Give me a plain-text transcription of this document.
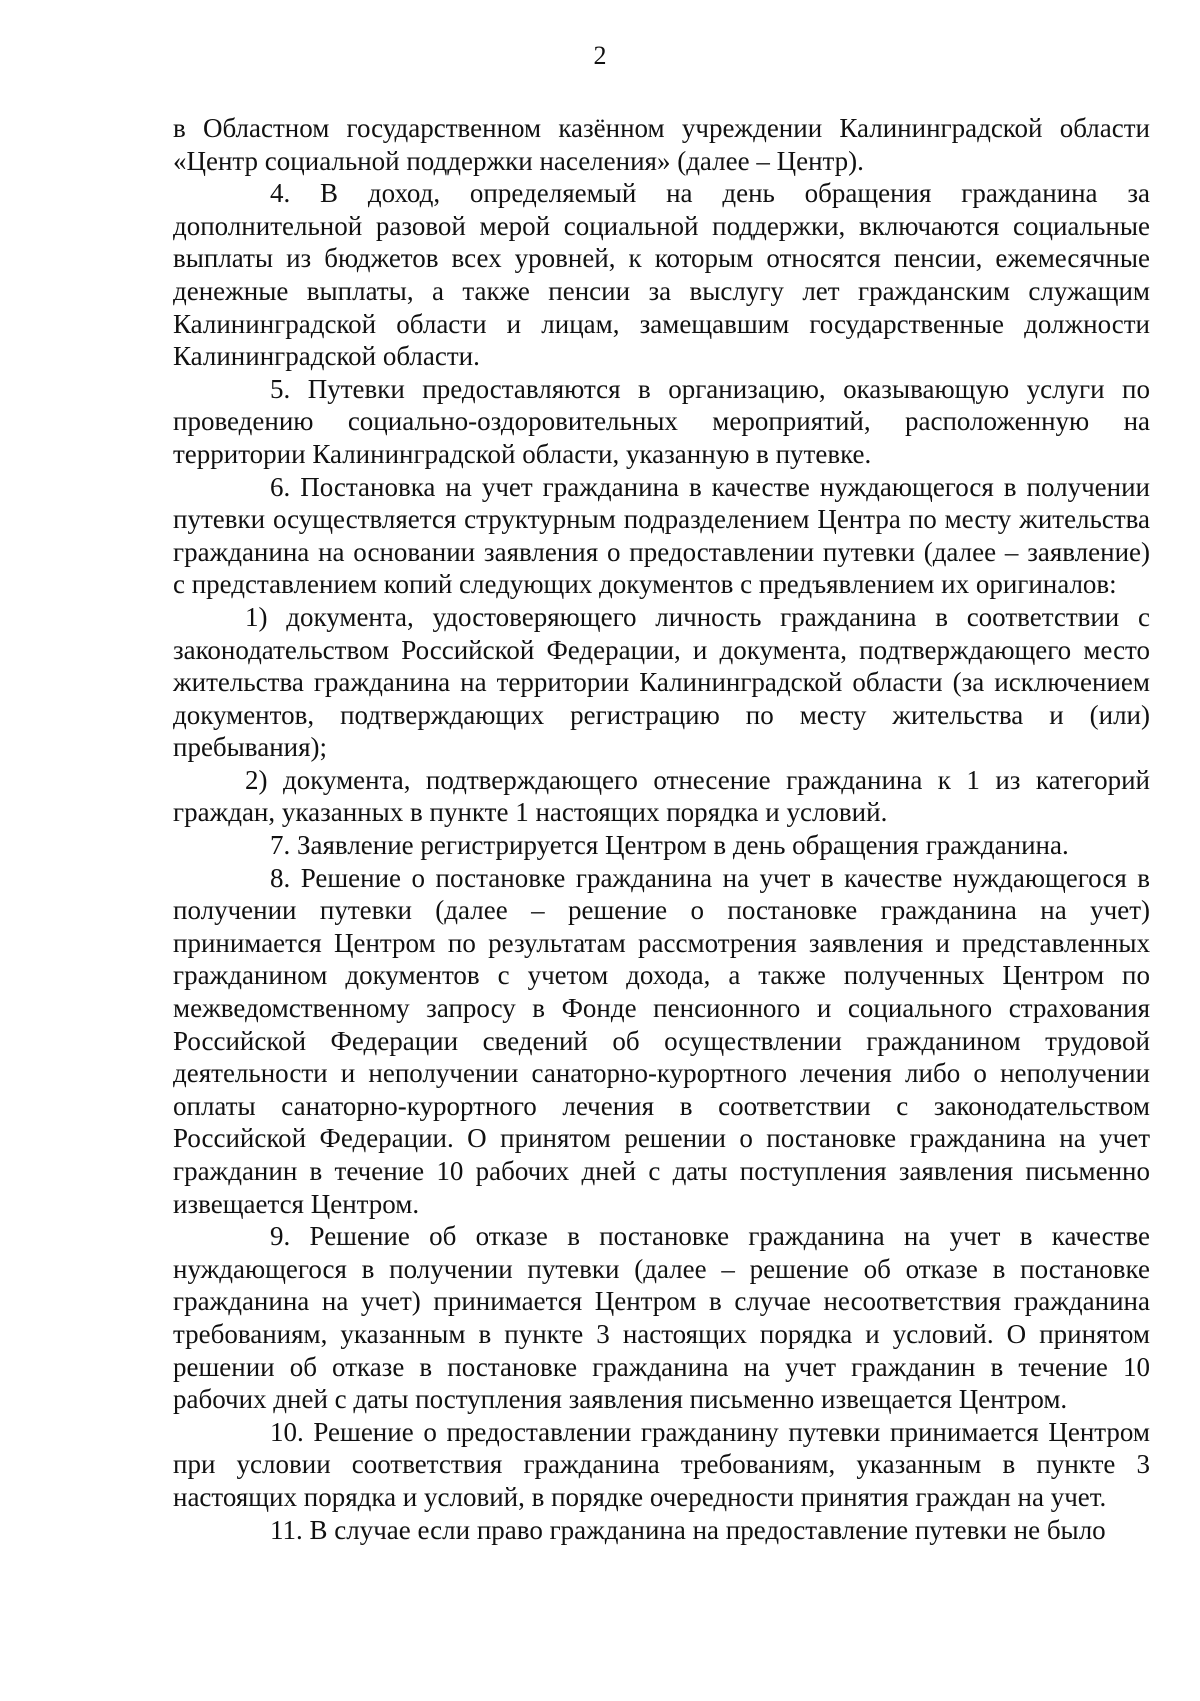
2

в Областном государственном казённом учреждении Калининградской области «Центр социальной поддержки населения» (далее – Центр).

4. В доход, определяемый на день обращения гражданина за дополнительной разовой мерой социальной поддержки, включаются социальные выплаты из бюджетов всех уровней, к которым относятся пенсии, ежемесячные денежные выплаты, а также пенсии за выслугу лет гражданским служащим Калининградской области и лицам, замещавшим государственные должности Калининградской области.

5. Путевки предоставляются в организацию, оказывающую услуги по проведению социально-оздоровительных мероприятий, расположенную на территории Калининградской области, указанную в путевке.

6. Постановка на учет гражданина в качестве нуждающегося в получении путевки осуществляется структурным подразделением Центра по месту жительства гражданина на основании заявления о предоставлении путевки (далее – заявление) с представлением копий следующих документов с предъявлением их оригиналов:

1) документа, удостоверяющего личность гражданина в соответствии с законодательством Российской Федерации, и документа, подтверждающего место жительства гражданина на территории Калининградской области (за исключением документов, подтверждающих регистрацию по месту жительства и (или) пребывания);

2) документа, подтверждающего отнесение гражданина к 1 из категорий граждан, указанных в пункте 1 настоящих порядка и условий.

7. Заявление регистрируется Центром в день обращения гражданина.

8. Решение о постановке гражданина на учет в качестве нуждающегося в получении путевки (далее – решение о постановке гражданина на учет) принимается Центром по результатам рассмотрения заявления и представленных гражданином документов с учетом дохода, а также полученных Центром по межведомственному запросу в Фонде пенсионного и социального страхования Российской Федерации сведений об осуществлении гражданином трудовой деятельности и неполучении санаторно-курортного лечения либо о неполучении оплаты санаторно-курортного лечения в соответствии с законодательством Российской Федерации. О принятом решении о постановке гражданина на учет гражданин в течение 10 рабочих дней с даты поступления заявления письменно извещается Центром.

9. Решение об отказе в постановке гражданина на учет в качестве нуждающегося в получении путевки (далее – решение об отказе в постановке гражданина на учет) принимается Центром в случае несоответствия гражданина требованиям, указанным в пункте 3 настоящих порядка и условий. О принятом решении об отказе в постановке гражданина на учет гражданин в течение 10 рабочих дней с даты поступления заявления письменно извещается Центром.

10. Решение о предоставлении гражданину путевки принимается Центром при условии соответствия гражданина требованиям, указанным в пункте 3 настоящих порядка и условий, в порядке очередности принятия граждан на учет.

11. В случае если право гражданина на предоставление путевки не было
